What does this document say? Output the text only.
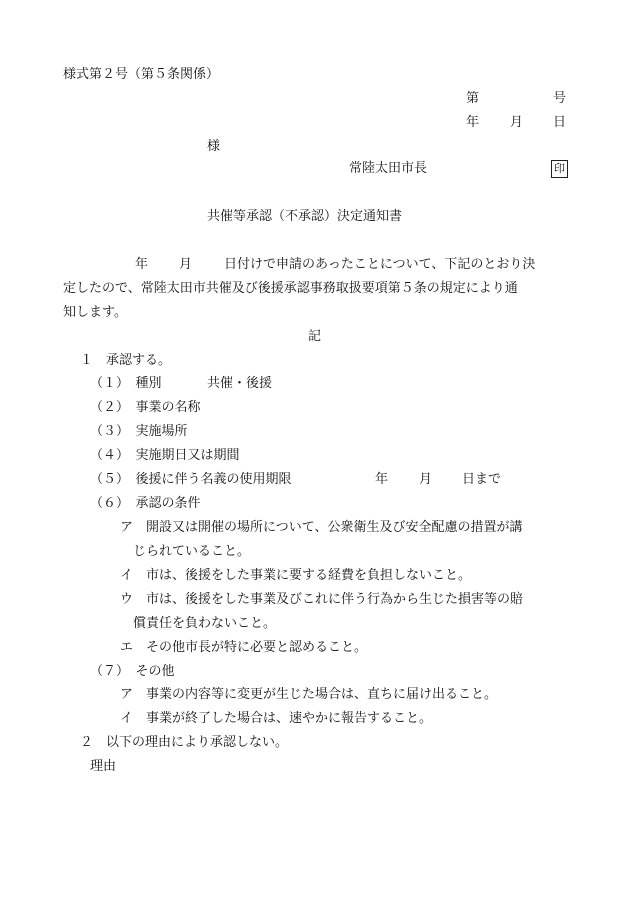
様式第２号（第５条関係）
第	号
年 月 日
様
常陸太田市長	印
共催等承認（不承認）決定通知書
年 月 日付けで申請のあったことについて、下記のとおり決
定したので、常陸太田市共催及び後援承認事務取扱要項第５条の規定により通
知します。
記
１　承認する。
（１）　種別	共催・後援
（２）　事業の名称
（３）　実施場所
（４）　実施期日又は期間
（５）　後援に伴う名義の使用期限	年 月 日まで
（６）　承認の条件
ア　開設又は開催の場所について、公衆衛生及び安全配慮の措置が講
じられていること。
イ　市は、後援をした事業に要する経費を負担しないこと。
ウ　市は、後援をした事業及びこれに伴う行為から生じた損害等の賠
償責任を負わないこと。
エ　その他市長が特に必要と認めること。
（７）　その他
ア　事業の内容等に変更が生じた場合は、直ちに届け出ること。
イ　事業が終了した場合は、速やかに報告すること。
２　以下の理由により承認しない。
理由
